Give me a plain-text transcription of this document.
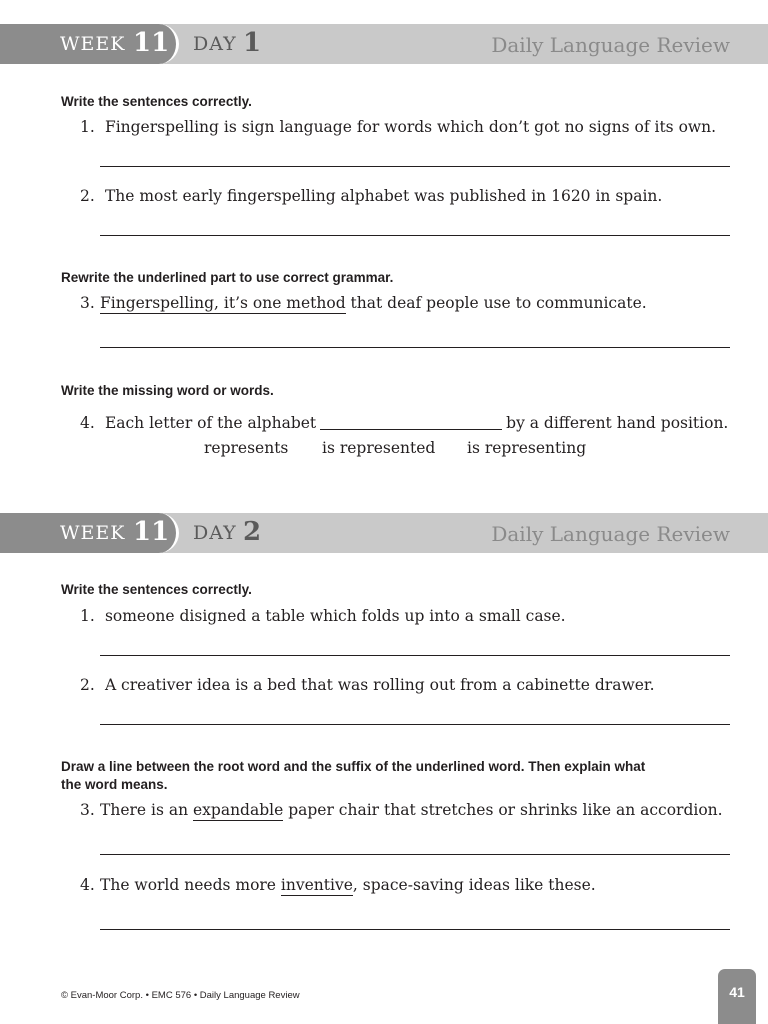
WEEK 11 DAY 1	Daily Language Review
Write the sentences correctly.
1. Fingerspelling is sign language for words which don’t got no signs of its own.
2. The most early fingerspelling alphabet was published in 1620 in spain.
Rewrite the underlined part to use correct grammar.
3. Fingerspelling, it’s one method that deaf people use to communicate.
Write the missing word or words.
4. Each letter of the alphabet	by a different hand position.
represents is represented is representing
WEEK 11 DAY 2	Daily Language Review
Write the sentences correctly.
1. someone disigned a table which folds up into a small case.
2. A creativer idea is a bed that was rolling out from a cabinette drawer.
Draw a line between the root word and the suffix of the underlined word. Then explain what
the word means.
3. There is an expandable paper chair that stretches or shrinks like an accordion.
4. The world needs more inventive, space-saving ideas like these.
© Evan-Moor Corp. • EMC 576 • Daily Language Review	41
